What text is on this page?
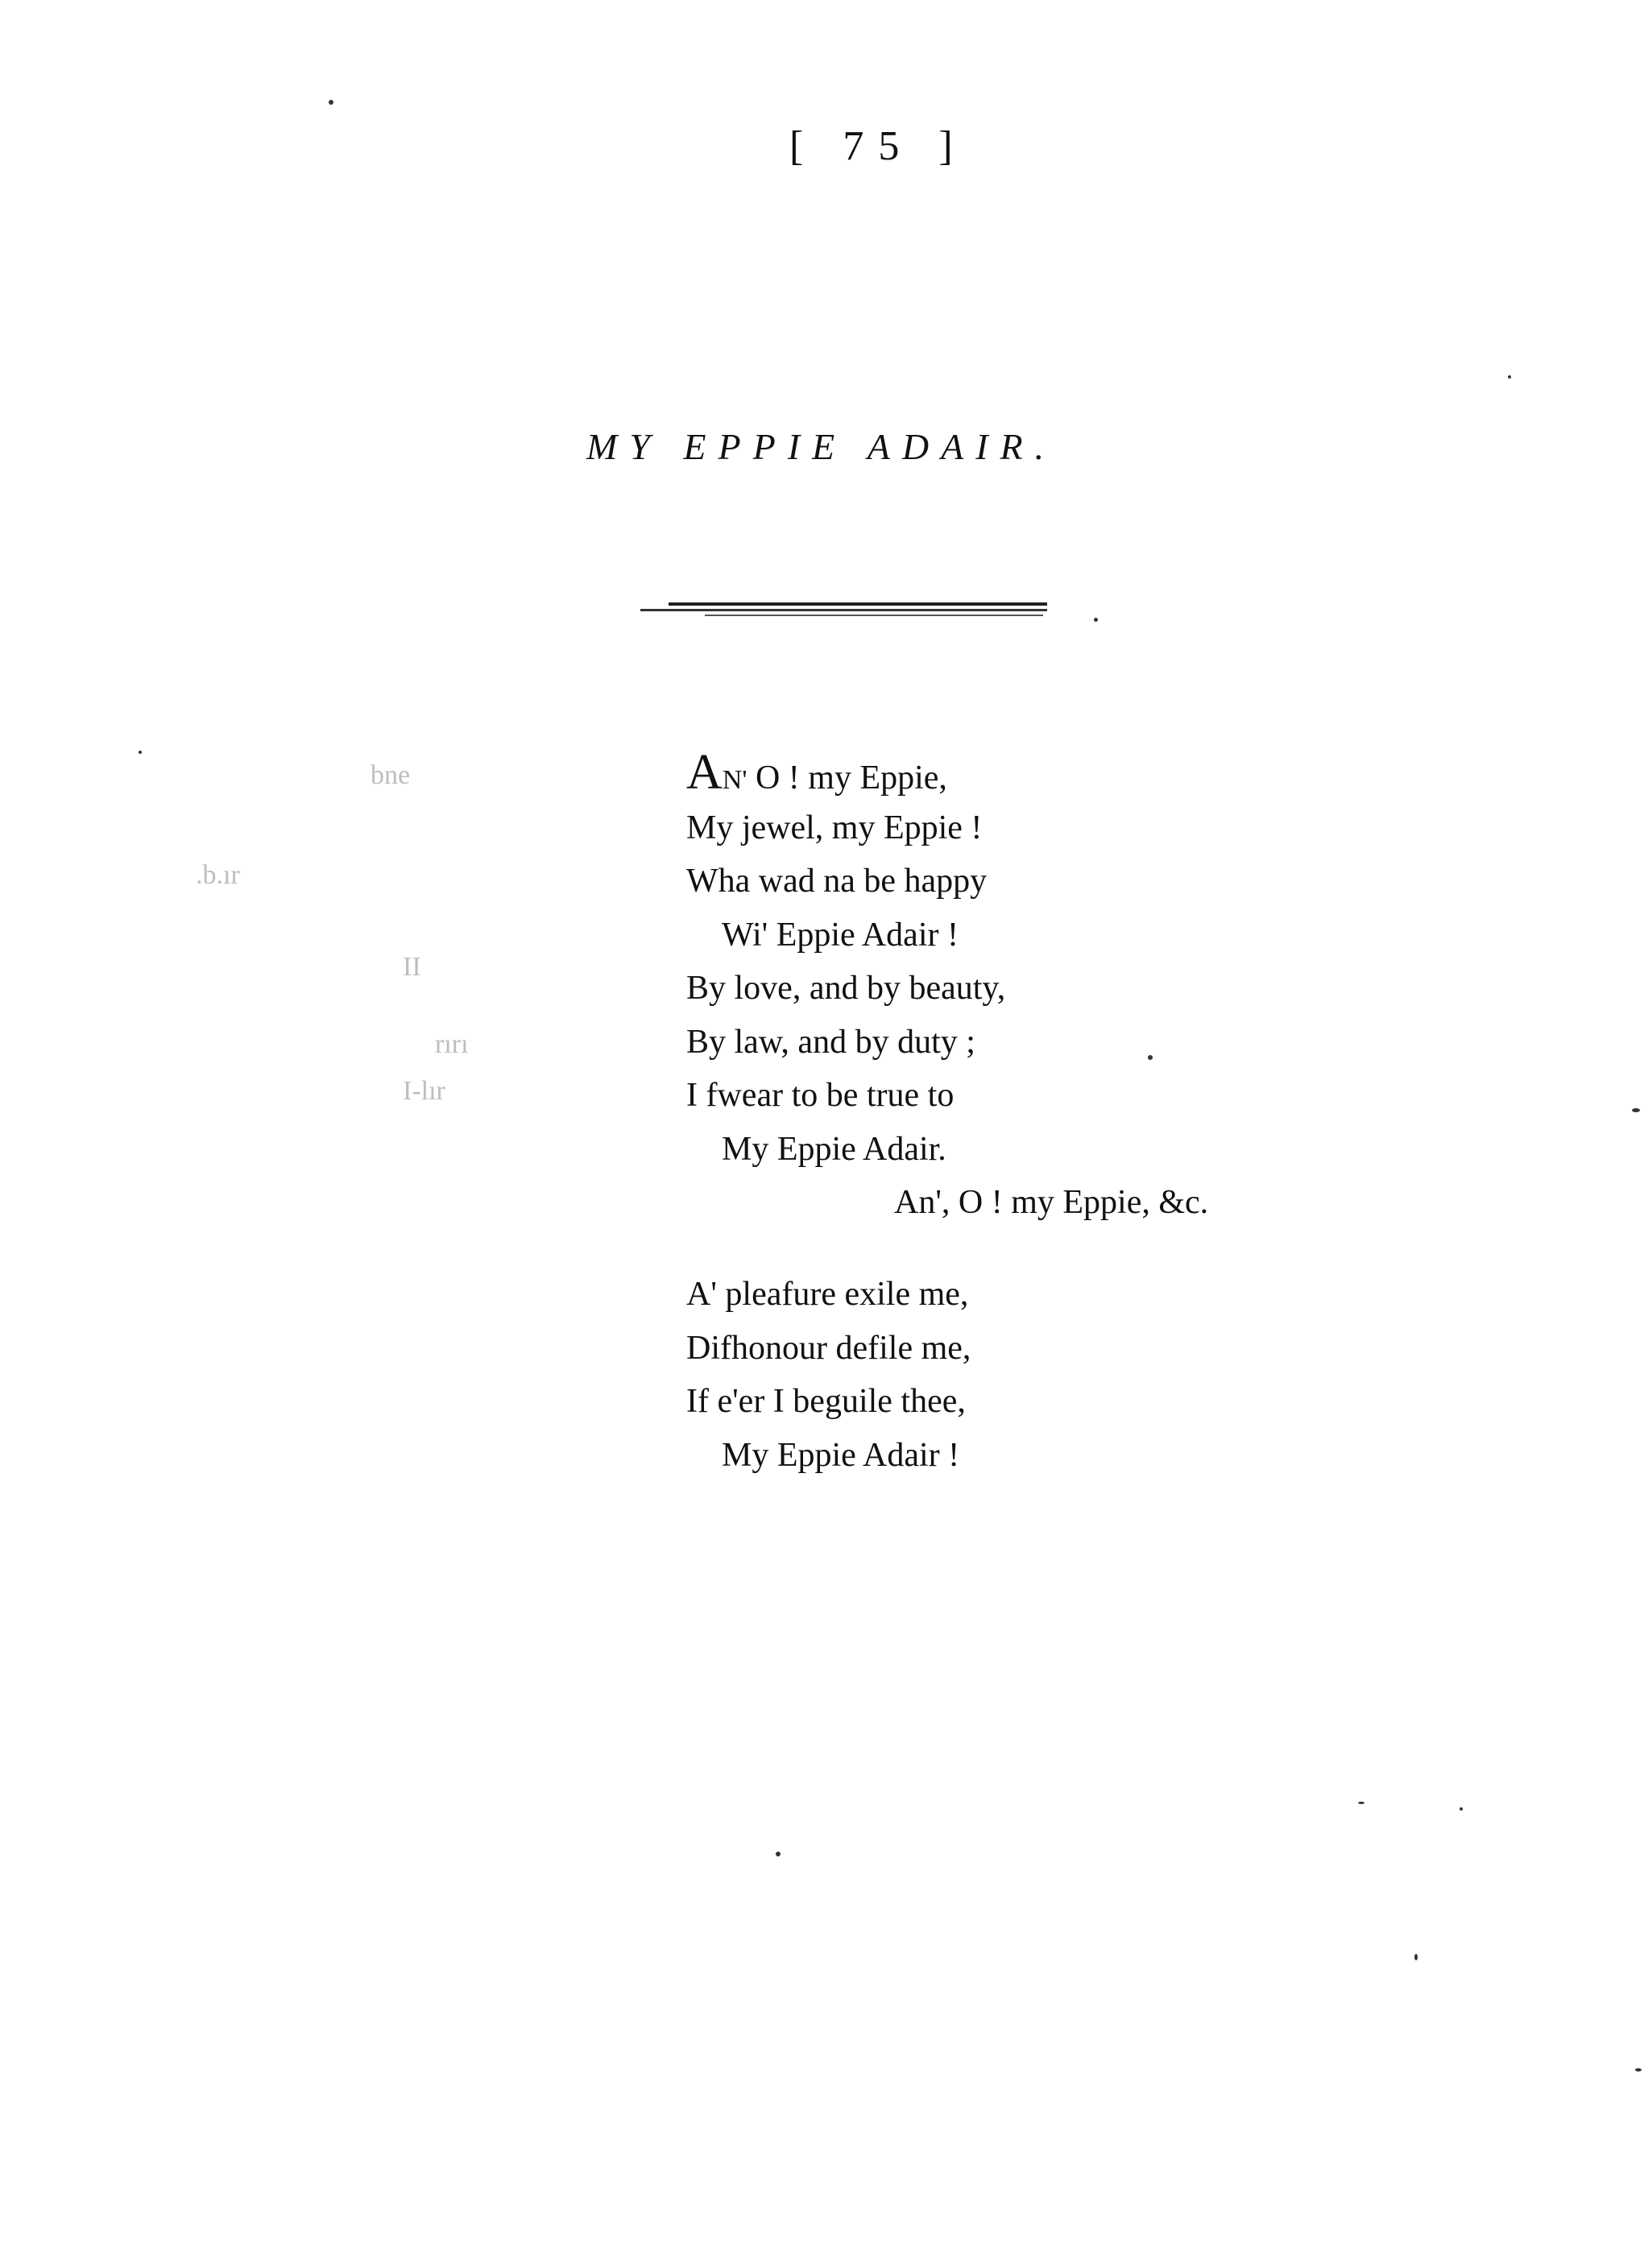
[ 75 ]
MY EPPIE ADAIR.
bne
.b.ır
II
rırı
I-lır
AN' O ! my Eppie,
My jewel, my Eppie !
Wha wad na be happy
Wi' Eppie Adair !
By love, and by beauty,
By law, and by duty ;
I fwear to be true to
My Eppie Adair.
An', O ! my Eppie, &c.
A' pleafure exile me,
Difhonour defile me,
If e'er I beguile thee,
My Eppie Adair !
